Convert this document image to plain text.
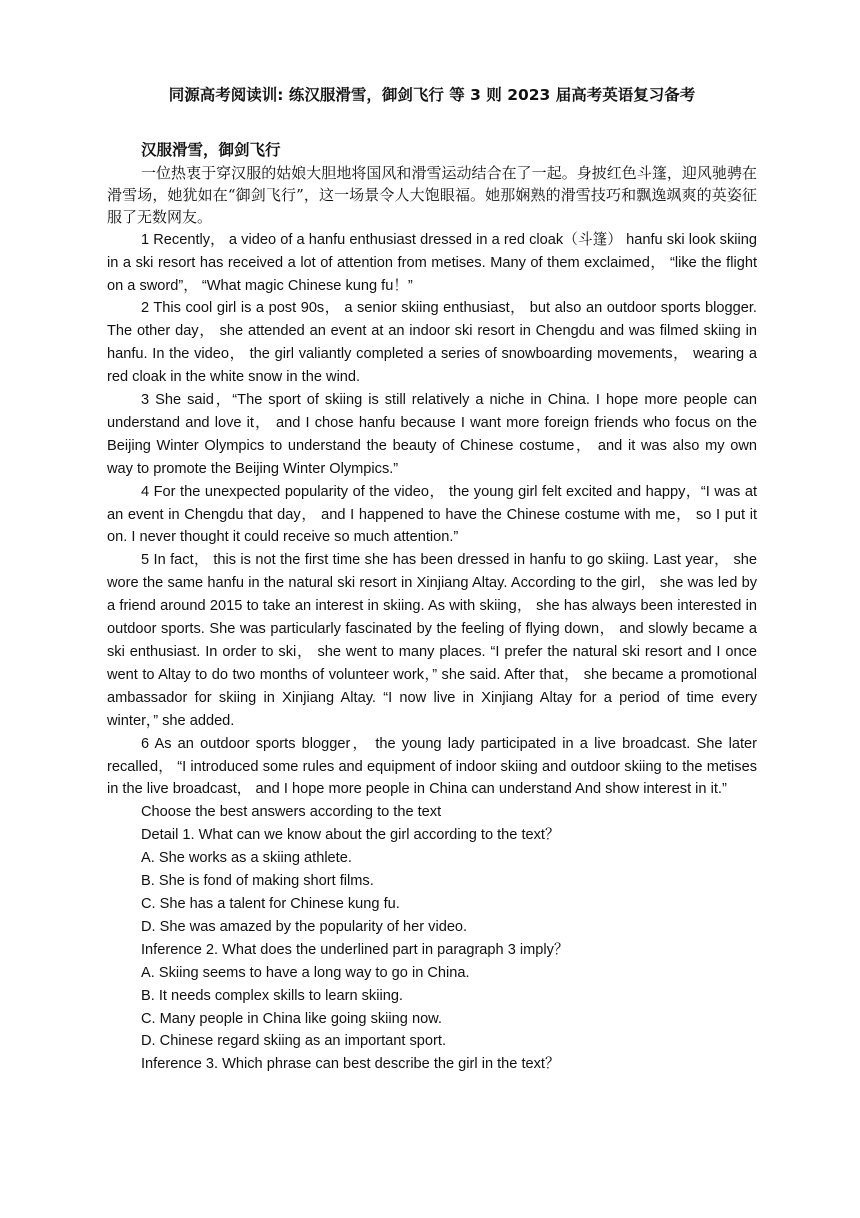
同源高考阅读训: 练汉服滑雪，御剑飞行 等 3 则 2023 届高考英语复习备考

汉服滑雪，御剑飞行

一位热衷于穿汉服的姑娘大胆地将国风和滑雪运动结合在了一起。身披红色斗篷，迎风驰骋在滑雪场，她犹如在“御剑飞行”，这一场景令人大饱眼福。她那娴熟的滑雪技巧和飘逸飒爽的英姿征服了无数网友。

1 Recently， a video of a hanfu enthusiast dressed in a red cloak（斗篷） hanfu ski look skiing in a ski resort has received a lot of attention from metises. Many of them exclaimed， “like the flight on a sword”， “What magic Chinese kung fu！”

2 This cool girl is a post 90s， a senior skiing enthusiast， but also an outdoor sports blogger. The other day， she attended an event at an indoor ski resort in Chengdu and was filmed skiing in hanfu. In the video， the girl valiantly completed a series of snowboarding movements， wearing a red cloak in the white snow in the wind.

3 She said，“The sport of skiing is still relatively a niche in China. I hope more people can understand and love it， and I chose hanfu because I want more foreign friends who focus on the Beijing Winter Olympics to understand the beauty of Chinese costume， and it was also my own way to promote the Beijing Winter Olympics.”

4 For the unexpected popularity of the video， the young girl felt excited and happy，“I was at an event in Chengdu that day， and I happened to have the Chinese costume with me， so I put it on. I never thought it could receive so much attention.”

5 In fact， this is not the first time she has been dressed in hanfu to go skiing. Last year， she wore the same hanfu in the natural ski resort in Xinjiang Altay. According to the girl， she was led by a friend around 2015 to take an interest in skiing. As with skiing， she has always been interested in outdoor sports. She was particularly fascinated by the feeling of flying down， and slowly became a ski enthusiast. In order to ski， she went to many places. “I prefer the natural ski resort and I once went to Altay to do two months of volunteer work，” she said. After that， she became a promotional ambassador for skiing in Xinjiang Altay. “I now live in Xinjiang Altay for a period of time every winter，” she added.

6 As an outdoor sports blogger， the young lady participated in a live broadcast. She later recalled， “I introduced some rules and equipment of indoor skiing and outdoor skiing to the metises in the live broadcast， and I hope more people in China can understand And show interest in it.”

Choose the best answers according to the text

Detail 1. What can we know about the girl according to the text？

A. She works as a skiing athlete.

B. She is fond of making short films.

C. She has a talent for Chinese kung fu.

D. She was amazed by the popularity of her video.

Inference 2. What does the underlined part in paragraph 3 imply？

A. Skiing seems to have a long way to go in China.

B. It needs complex skills to learn skiing.

C. Many people in China like going skiing now.

D. Chinese regard skiing as an important sport.

Inference 3. Which phrase can best describe the girl in the text？
